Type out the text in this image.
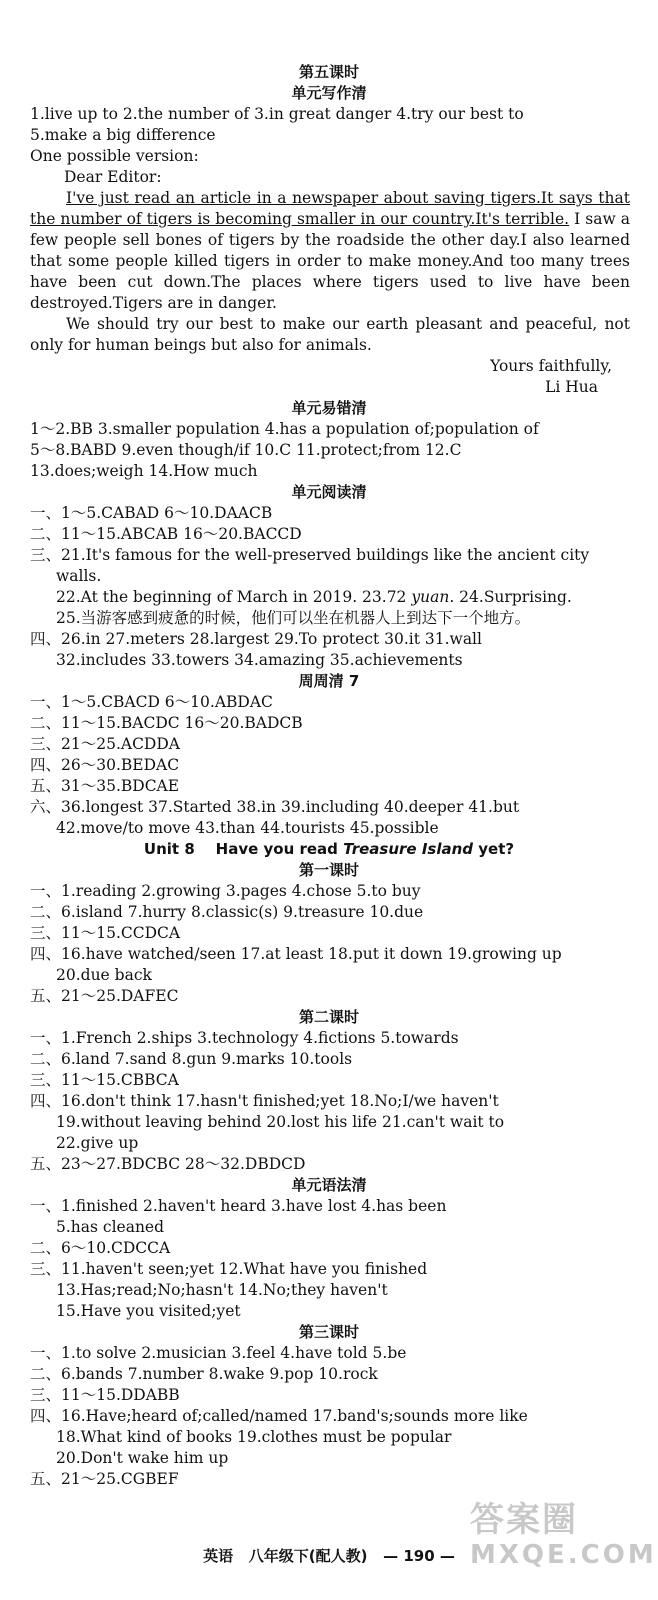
第五课时
单元写作清
1.live up to 2.the number of 3.in great danger 4.try our best to
5.make a big difference
One possible version:
Dear Editor:
I've just read an article in a newspaper about saving tigers.It says that the number of tigers is becoming smaller in our country.It's terrible. I saw a few people sell bones of tigers by the roadside the other day.I also learned that some people killed tigers in order to make money.And too many trees have been cut down.The places where tigers used to live have been destroyed.Tigers are in danger.
We should try our best to make our earth pleasant and peaceful, not only for human beings but also for animals.
Yours faithfully,
Li Hua
单元易错清
1～2.BB 3.smaller population 4.has a population of;population of
5～8.BABD 9.even though/if 10.C 11.protect;from 12.C
13.does;weigh 14.How much
单元阅读清
一、1～5.CABAD 6～10.DAACB
二、11～15.ABCAB 16～20.BACCD
三、21.It's famous for the well-preserved buildings like the ancient city
walls.
22.At the beginning of March in 2019. 23.72 yuan. 24.Surprising.
25.当游客感到疲惫的时候，他们可以坐在机器人上到达下一个地方。
四、26.in 27.meters 28.largest 29.To protect 30.it 31.wall
32.includes 33.towers 34.amazing 35.achievements
周周清 7
一、1～5.CBACD 6～10.ABDAC
二、11～15.BACDC 16～20.BADCB
三、21～25.ACDDA
四、26～30.BEDAC
五、31～35.BDCAE
六、36.longest 37.Started 38.in 39.including 40.deeper 41.but
42.move/to move 43.than 44.tourists 45.possible
Unit 8    Have you read Treasure Island yet?
第一课时
一、1.reading 2.growing 3.pages 4.chose 5.to buy
二、6.island 7.hurry 8.classic(s) 9.treasure 10.due
三、11～15.CCDCA
四、16.have watched/seen 17.at least 18.put it down 19.growing up
20.due back
五、21～25.DAFEC
第二课时
一、1.French 2.ships 3.technology 4.fictions 5.towards
二、6.land 7.sand 8.gun 9.marks 10.tools
三、11～15.CBBCA
四、16.don't think 17.hasn't finished;yet 18.No;I/we haven't
19.without leaving behind 20.lost his life 21.can't wait to
22.give up
五、23～27.BDCBC 28～32.DBDCD
单元语法清
一、1.finished 2.haven't heard 3.have lost 4.has been
5.has cleaned
二、6～10.CDCCA
三、11.haven't seen;yet 12.What have you finished
13.Has;read;No;hasn't 14.No;they haven't
15.Have you visited;yet
第三课时
一、1.to solve 2.musician 3.feel 4.have told 5.be
二、6.bands 7.number 8.wake 9.pop 10.rock
三、11～15.DDABB
四、16.Have;heard of;called/named 17.band's;sounds more like
18.What kind of books 19.clothes must be popular
20.Don't wake him up
五、21～25.CGBEF
英语   八年级下(配人教)   — 190 —
答案圈
MXQE.COM
